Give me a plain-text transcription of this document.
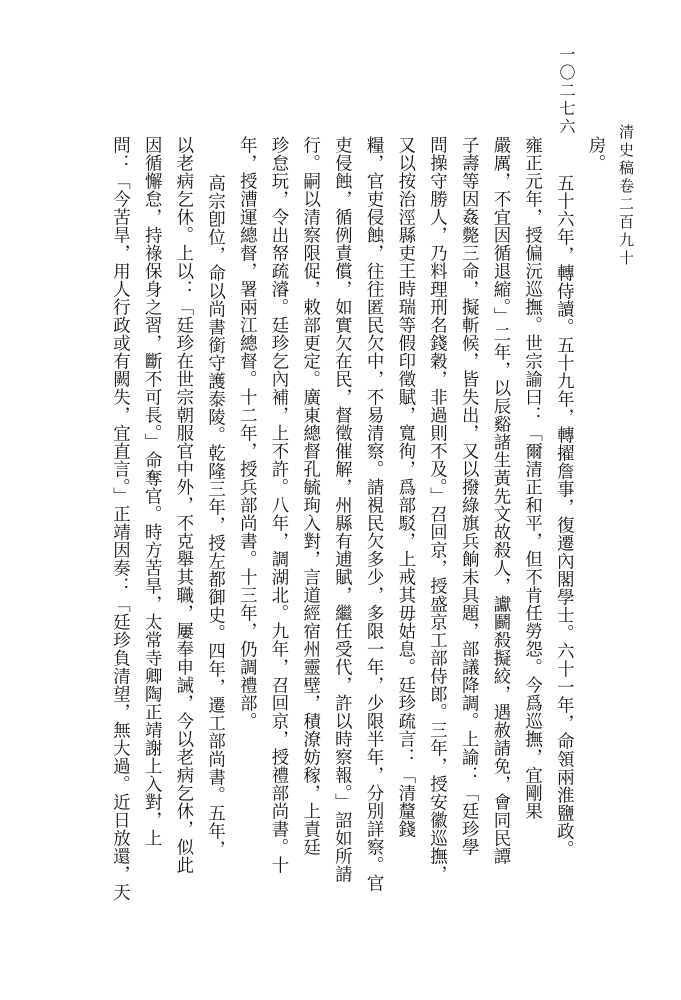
清史稿卷二百九十
一〇二七六

房。

五十六年，轉侍讀。五十九年，轉擢詹事，復遷內閣學士。六十一年，命領兩淮鹽政。

雍正元年，授偏沅巡撫。世宗諭曰：「爾清正和平，但不肯任勞怨。今爲巡撫，宜剛果

嚴厲，不宜因循退縮。」二年，以辰谿諸生黃先文故殺人，讞鬬殺擬絞，遇赦請免，會同民譚

子壽等因姦斃三命，擬斬候，皆失出，又以撥綠旗兵餉未具題，部議降調。上諭：「廷珍學

問操守勝人，乃料理刑名錢穀，非過則不及。」召回京，授盛京工部侍郎。三年，授安徽巡撫，

又以按治涇縣吏王時瑞等假印徵賦，寬徇，爲部駁，上戒其毋姑息。廷珍疏言：「清釐錢

糧，官吏侵蝕，往往匿民欠中，不易清察。請視民欠多少，多限一年，少限半年，分別詳察。官

吏侵蝕，循例責償，如實欠在民，督徵催解，州縣有逋賦，繼任受代，許以時察報。」詔如所請

行。嗣以清察限促，敕部更定。廣東總督孔毓珣入對，言道經宿州靈壁，積潦妨稼，上責廷

珍怠玩，令出帑疏濬。廷珍乞內補，上不許。八年，調湖北。九年，召回京，授禮部尚書。十

年，授漕運總督，署兩江總督。十二年，授兵部尚書。十三年，仍調禮部。

高宗卽位，命以尚書銜守護泰陵。乾隆三年，授左都御史。四年，遷工部尚書。五年，

以老病乞休。上以：「廷珍在世宗朝服官中外，不克舉其職，屢奉申誡，今以老病乞休，似此

因循懈怠，持祿保身之習，斷不可長。」命奪官。時方苦旱，太常寺卿陶正靖謝上入對，上

問：「今苦旱，用人行政或有闕失，宜直言。」正靖因奏：「廷珍負清望，無大過。近日放還，天
